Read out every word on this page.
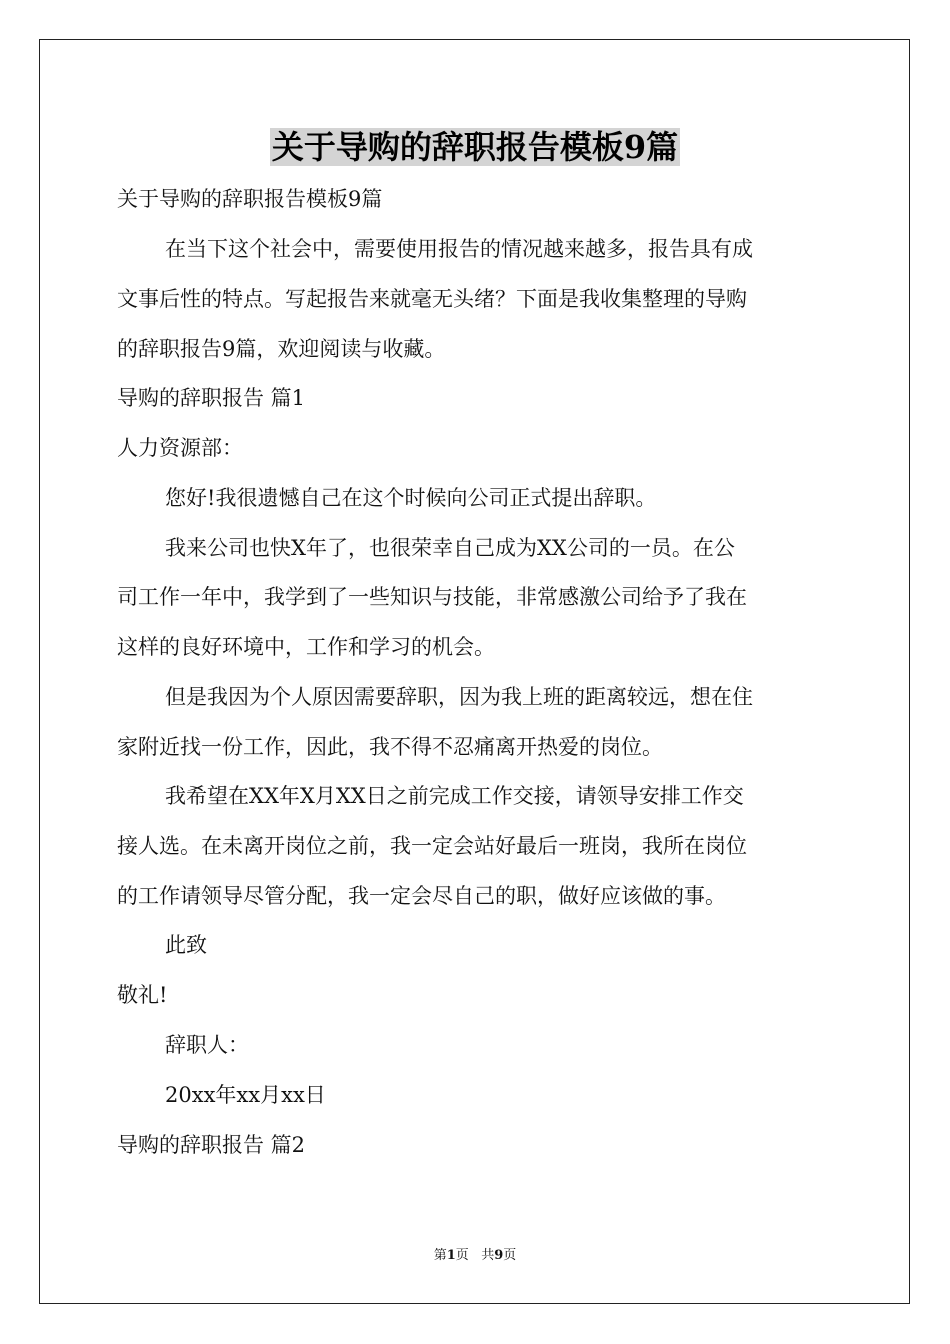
关于导购的辞职报告模板9篇
关于导购的辞职报告模板9篇
在当下这个社会中，需要使用报告的情况越来越多，报告具有成
文事后性的特点。写起报告来就毫无头绪？下面是我收集整理的导购
的辞职报告9篇，欢迎阅读与收藏。
导购的辞职报告 篇1
人力资源部：
您好!我很遗憾自己在这个时候向公司正式提出辞职。
我来公司也快X年了，也很荣幸自己成为XX公司的一员。在公
司工作一年中，我学到了一些知识与技能，非常感激公司给予了我在
这样的良好环境中，工作和学习的机会。
但是我因为个人原因需要辞职，因为我上班的距离较远，想在住
家附近找一份工作，因此，我不得不忍痛离开热爱的岗位。
我希望在XX年X月XX日之前完成工作交接，请领导安排工作交
接人选。在未离开岗位之前，我一定会站好最后一班岗，我所在岗位
的工作请领导尽管分配，我一定会尽自己的职，做好应该做的事。
此致
敬礼!
辞职人：
20xx年xx月xx日
导购的辞职报告 篇2
第1页 共9页
